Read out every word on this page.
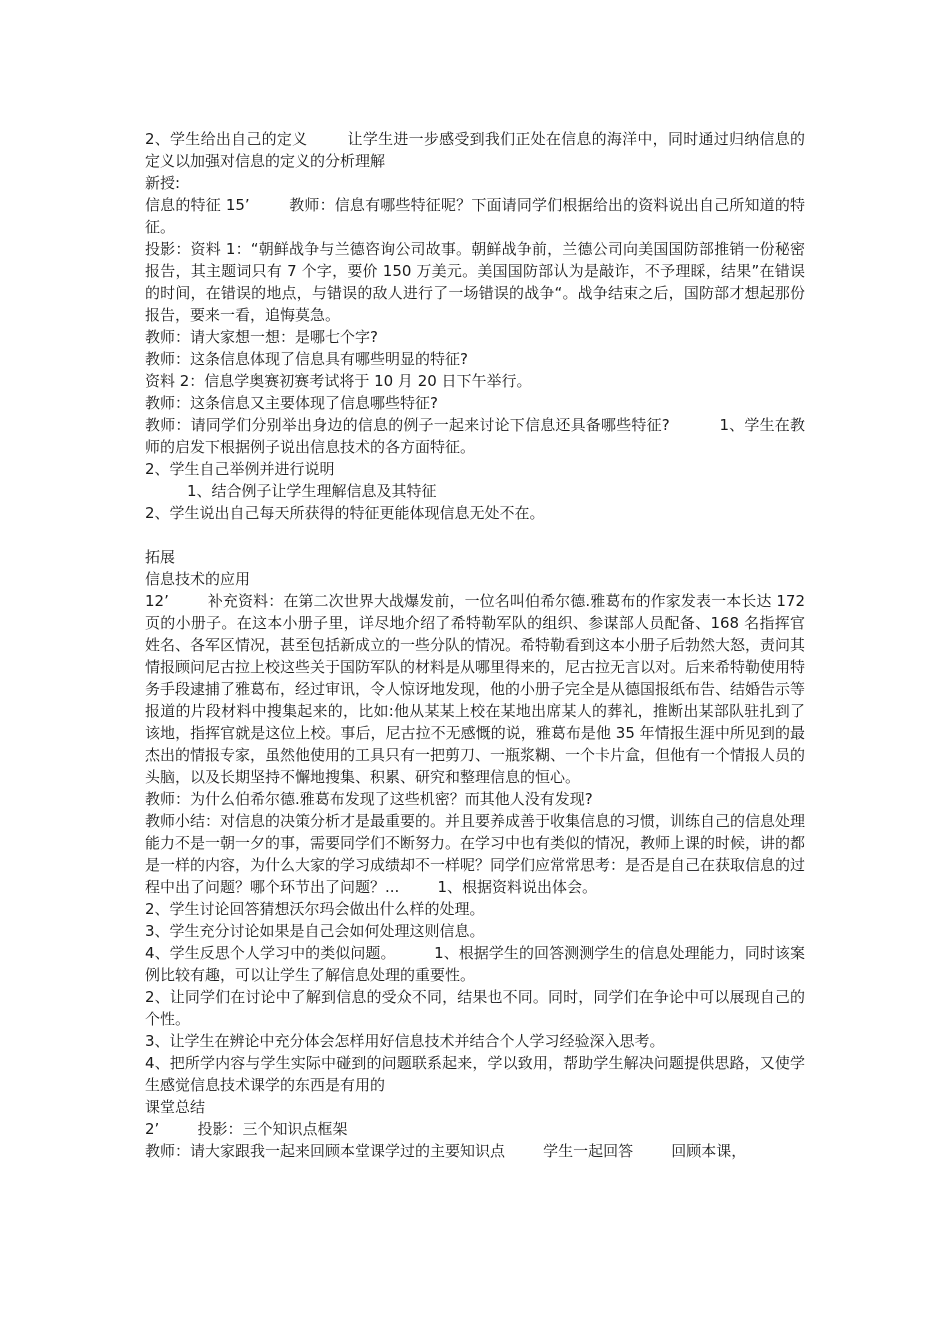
2、学生给出自己的定义        让学生进一步感受到我们正处在信息的海洋中，同时通过归纳信息的定义以加强对信息的定义的分析理解

新授:

信息的特征 15’        教师：信息有哪些特征呢？下面请同学们根据给出的资料说出自己所知道的特征。

投影：资料 1：“朝鲜战争与兰德咨询公司故事。朝鲜战争前，兰德公司向美国国防部推销一份秘密报告，其主题词只有 7 个字，要价 150 万美元。美国国防部认为是敲诈，不予理睬，结果”在错误的时间，在错误的地点，与错误的敌人进行了一场错误的战争“。战争结束之后，国防部才想起那份报告，要来一看，追悔莫急。

教师：请大家想一想：是哪七个字?

教师：这条信息体现了信息具有哪些明显的特征?

资料 2：信息学奥赛初赛考试将于 10 月 20 日下午举行。

教师：这条信息又主要体现了信息哪些特征?

教师：请同学们分别举出身边的信息的例子一起来讨论下信息还具备哪些特征?          1、学生在教师的启发下根据例子说出信息技术的各方面特征。

2、学生自己举例并进行说明

1、结合例子让学生理解信息及其特征

2、学生说出自己每天所获得的特征更能体现信息无处不在。

拓展

信息技术的应用

12’        补充资料：在第二次世界大战爆发前，一位名叫伯希尔德.雅葛布的作家发表一本长达 172 页的小册子。在这本小册子里，详尽地介绍了希特勒军队的组织、参谋部人员配备、168 名指挥官姓名、各军区情况，甚至包括新成立的一些分队的情况。希特勒看到这本小册子后勃然大怒，责问其情报顾问尼古拉上校这些关于国防军队的材料是从哪里得来的，尼古拉无言以对。后来希特勒使用特务手段逮捕了雅葛布，经过审讯，令人惊讶地发现，他的小册子完全是从德国报纸布告、结婚告示等报道的片段材料中搜集起来的，比如:他从某某上校在某地出席某人的葬礼，推断出某部队驻扎到了该地，指挥官就是这位上校。事后，尼古拉不无感慨的说，雅葛布是他 35 年情报生涯中所见到的最杰出的情报专家，虽然他使用的工具只有一把剪刀、一瓶浆糊、一个卡片盒，但他有一个情报人员的头脑，以及长期坚持不懈地搜集、积累、研究和整理信息的恒心。

教师：为什么伯希尔德.雅葛布发现了这些机密？而其他人没有发现?

教师小结：对信息的决策分析才是最重要的。并且要养成善于收集信息的习惯，训练自己的信息处理能力不是一朝一夕的事，需要同学们不断努力。在学习中也有类似的情况，教师上课的时候，讲的都是一样的内容，为什么大家的学习成绩却不一样呢？同学们应常常思考：是否是自己在获取信息的过程中出了问题？哪个环节出了问题？...        1、根据资料说出体会。

2、学生讨论回答猜想沃尔玛会做出什么样的处理。

3、学生充分讨论如果是自己会如何处理这则信息。

4、学生反思个人学习中的类似问题。        1、根据学生的回答测测学生的信息处理能力，同时该案例比较有趣，可以让学生了解信息处理的重要性。

2、让同学们在讨论中了解到信息的受众不同，结果也不同。同时，同学们在争论中可以展现自己的个性。

3、让学生在辨论中充分体会怎样用好信息技术并结合个人学习经验深入思考。

4、把所学内容与学生实际中碰到的问题联系起来，学以致用，帮助学生解决问题提供思路，又使学生感觉信息技术课学的东西是有用的

课堂总结

2’        投影：三个知识点框架

教师：请大家跟我一起来回顾本堂课学过的主要知识点        学生一起回答        回顾本课，
